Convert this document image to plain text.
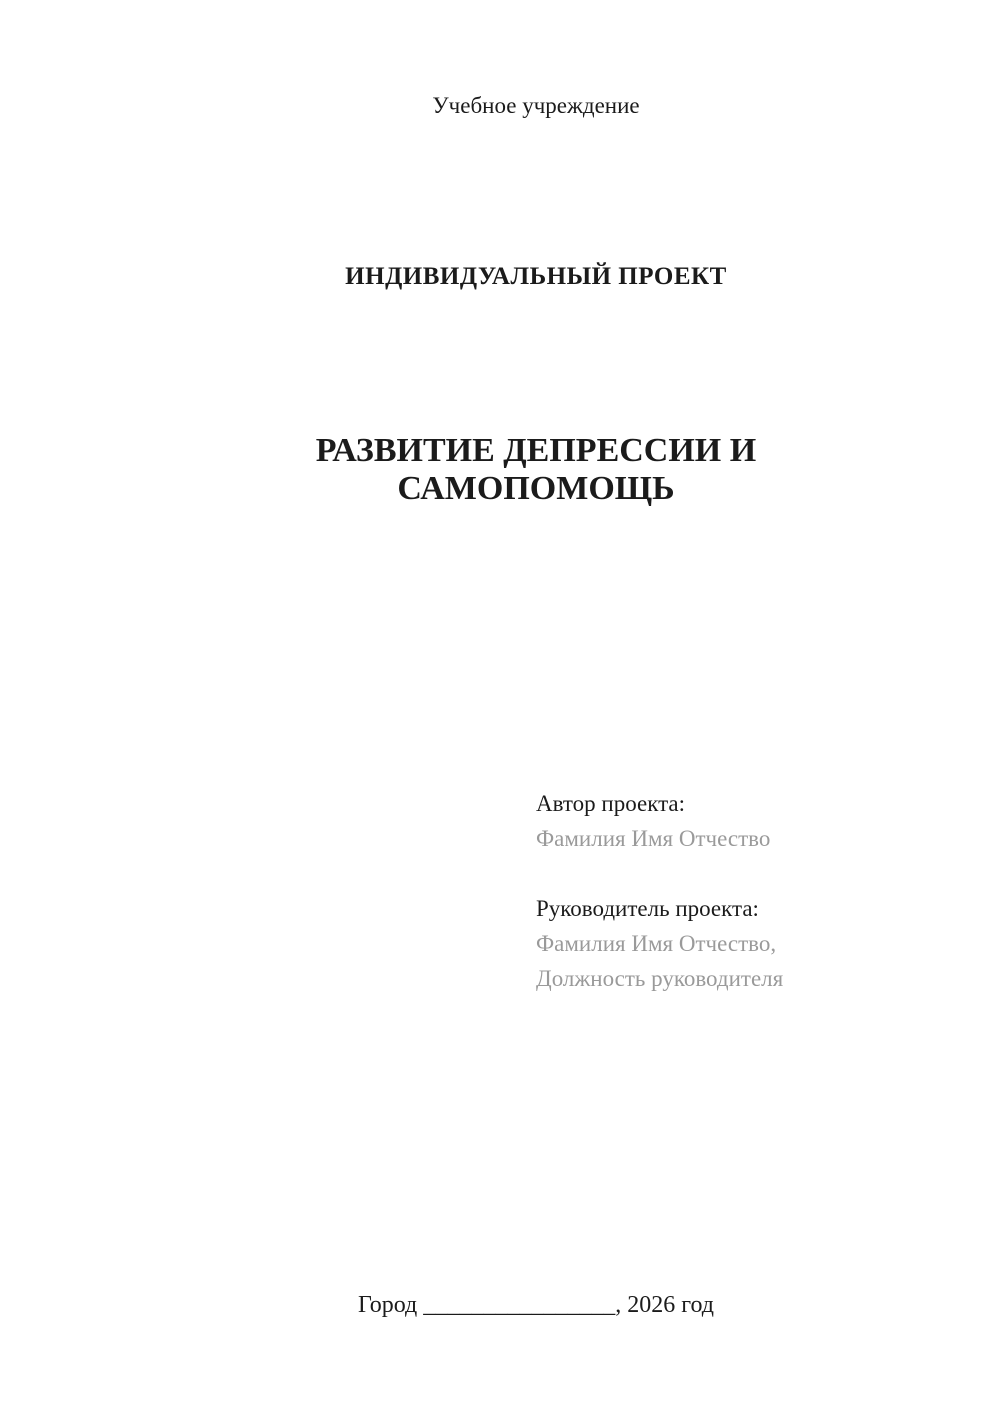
Учебное учреждение
ИНДИВИДУАЛЬНЫЙ ПРОЕКТ
РАЗВИТИЕ ДЕПРЕССИИ И САМОПОМОЩЬ
Автор проекта:
Фамилия Имя Отчество
Руководитель проекта:
Фамилия Имя Отчество,
Должность руководителя
Город ________________, 2026 год
